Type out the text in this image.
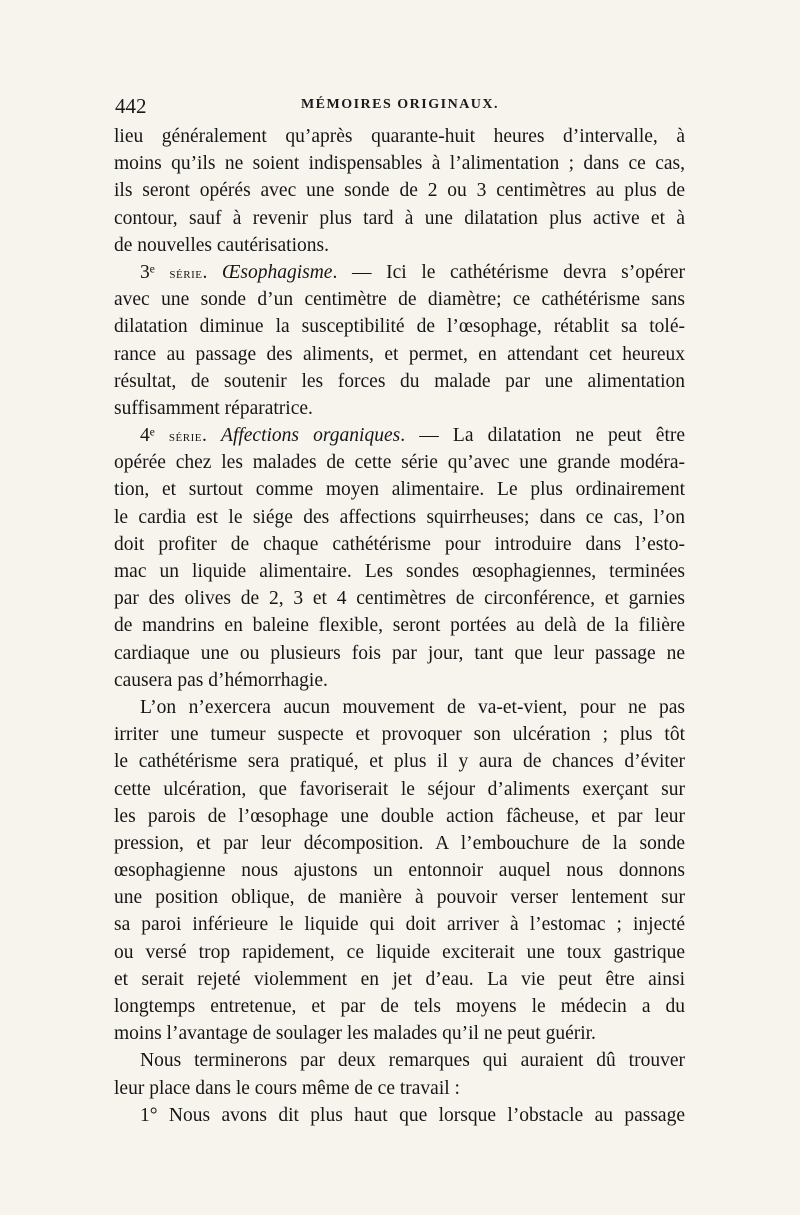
442	MÉMOIRES ORIGINAUX.
lieu généralement qu’après quarante-huit heures d’intervalle, à
moins qu’ils ne soient indispensables à l’alimentation ; dans ce cas,
ils seront opérés avec une sonde de 2 ou 3 centimètres au plus de
contour, sauf à revenir plus tard à une dilatation plus active et à
de nouvelles cautérisations.
3ᵉ série. Œsophagisme. — Ici le cathétérisme devra s’opérer
avec une sonde d’un centimètre de diamètre; ce cathétérisme sans
dilatation diminue la susceptibilité de l’œsophage, rétablit sa tolé-
rance au passage des aliments, et permet, en attendant cet heureux
résultat, de soutenir les forces du malade par une alimentation
suffisamment réparatrice.
4ᵉ série. Affections organiques. — La dilatation ne peut être
opérée chez les malades de cette série qu’avec une grande modéra-
tion, et surtout comme moyen alimentaire. Le plus ordinairement
le cardia est le siége des affections squirrheuses; dans ce cas, l’on
doit profiter de chaque cathétérisme pour introduire dans l’esto-
mac un liquide alimentaire. Les sondes œsophagiennes, terminées
par des olives de 2, 3 et 4 centimètres de circonférence, et garnies
de mandrins en baleine flexible, seront portées au delà de la filière
cardiaque une ou plusieurs fois par jour, tant que leur passage ne
causera pas d’hémorrhagie.
L’on n’exercera aucun mouvement de va-et-vient, pour ne pas
irriter une tumeur suspecte et provoquer son ulcération ; plus tôt
le cathétérisme sera pratiqué, et plus il y aura de chances d’éviter
cette ulcération, que favoriserait le séjour d’aliments exerçant sur
les parois de l’œsophage une double action fâcheuse, et par leur
pression, et par leur décomposition. A l’embouchure de la sonde
œsophagienne nous ajustons un entonnoir auquel nous donnons
une position oblique, de manière à pouvoir verser lentement sur
sa paroi inférieure le liquide qui doit arriver à l’estomac ; injecté
ou versé trop rapidement, ce liquide exciterait une toux gastrique
et serait rejeté violemment en jet d’eau. La vie peut être ainsi
longtemps entretenue, et par de tels moyens le médecin a du
moins l’avantage de soulager les malades qu’il ne peut guérir.
Nous terminerons par deux remarques qui auraient dû trouver
leur place dans le cours même de ce travail :
1° Nous avons dit plus haut que lorsque l’obstacle au passage
